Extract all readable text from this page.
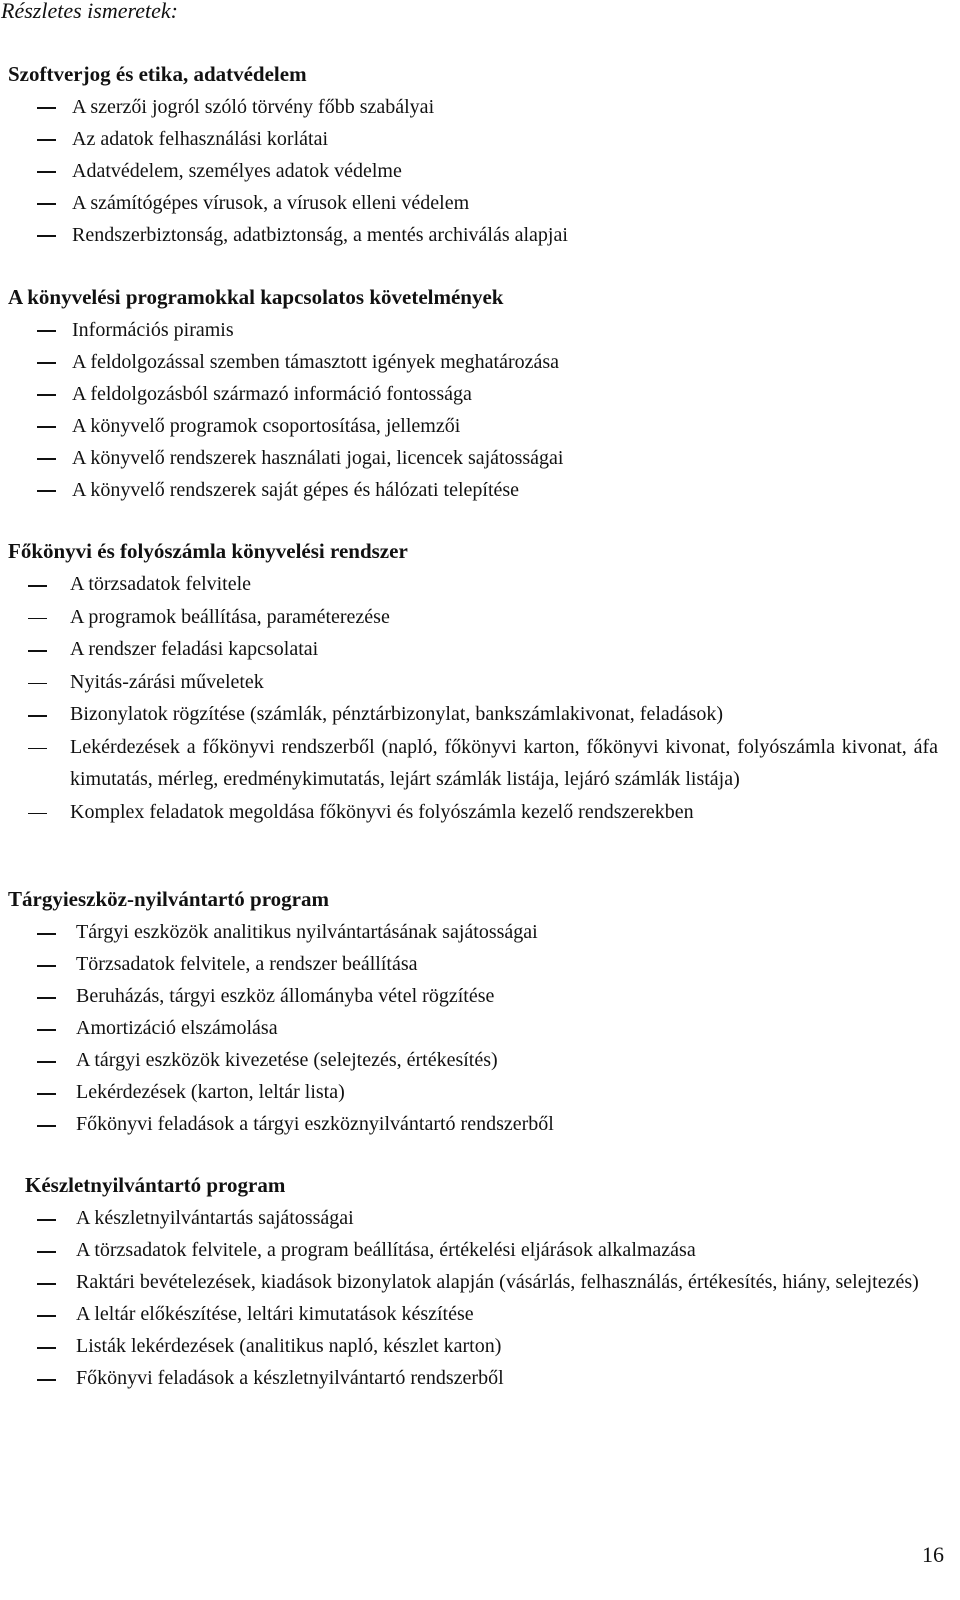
Részletes ismeretek:
Szoftverjog és etika, adatvédelem
A szerzői jogról szóló törvény főbb szabályai
Az adatok felhasználási korlátai
Adatvédelem, személyes adatok védelme
A számítógépes vírusok, a vírusok elleni védelem
Rendszerbiztonság, adatbiztonság, a mentés archiválás alapjai
A könyvelési programokkal kapcsolatos követelmények
Információs piramis
A feldolgozással szemben támasztott igények meghatározása
A feldolgozásból származó információ fontossága
A könyvelő programok csoportosítása, jellemzői
A könyvelő rendszerek használati jogai, licencek sajátosságai
A könyvelő rendszerek saját gépes és hálózati telepítése
Főkönyvi és folyószámla könyvelési rendszer
A törzsadatok felvitele
A programok beállítása, paraméterezése
A rendszer feladási kapcsolatai
Nyitás-zárási műveletek
Bizonylatok rögzítése (számlák, pénztárbizonylat, bankszámlakivonat, feladások)
Lekérdezések a főkönyvi rendszerből (napló, főkönyvi karton, főkönyvi kivonat, folyószámla kivonat, áfa kimutatás, mérleg, eredménykimutatás, lejárt számlák listája, lejáró számlák listája)
Komplex feladatok megoldása főkönyvi és folyószámla kezelő rendszerekben
Tárgyieszköz-nyilvántartó program
Tárgyi eszközök analitikus nyilvántartásának sajátosságai
Törzsadatok felvitele, a rendszer beállítása
Beruházás, tárgyi eszköz állományba vétel rögzítése
Amortizáció elszámolása
A tárgyi eszközök kivezetése (selejtezés, értékesítés)
Lekérdezések (karton, leltár lista)
Főkönyvi feladások a tárgyi eszköznyilvántartó rendszerből
Készletnyilvántartó program
A készletnyilvántartás sajátosságai
A törzsadatok felvitele, a program beállítása, értékelési eljárások alkalmazása
Raktári bevételezések, kiadások bizonylatok alapján (vásárlás, felhasználás, értékesítés, hiány, selejtezés)
A leltár előkészítése, leltári kimutatások készítése
Listák lekérdezések (analitikus napló, készlet karton)
Főkönyvi feladások a készletnyilvántartó rendszerből
16
